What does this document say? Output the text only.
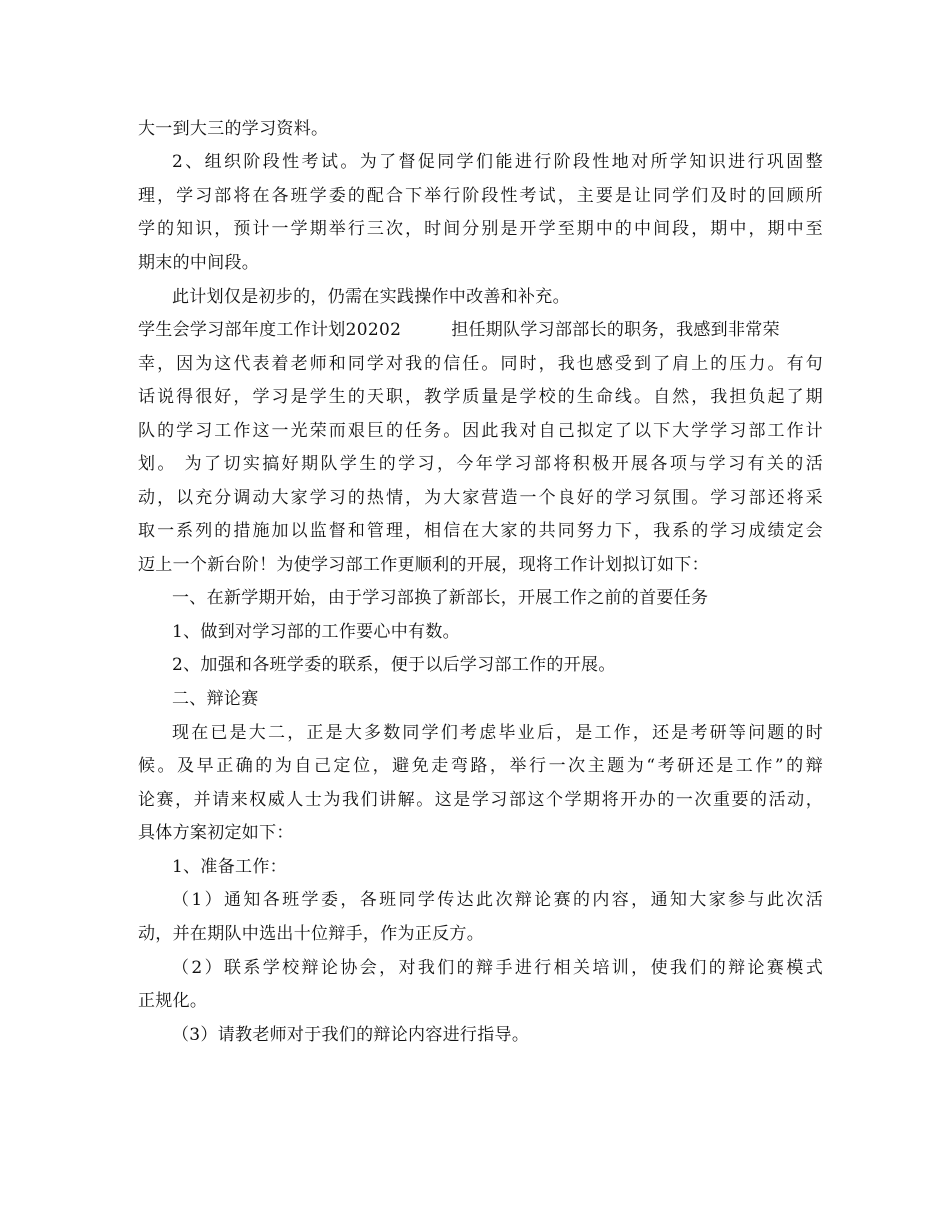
大一到大三的学习资料。

2、组织阶段性考试。为了督促同学们能进行阶段性地对所学知识进行巩固整

理，学习部将在各班学委的配合下举行阶段性考试，主要是让同学们及时的回顾所

学的知识，预计一学期举行三次，时间分别是开学至期中的中间段，期中，期中至

期末的中间段。

此计划仅是初步的，仍需在实践操作中改善和补充。

学生会学习部年度工作计划20202	担任期队学习部部长的职务，我感到非常荣

幸，因为这代表着老师和同学对我的信任。同时，我也感受到了肩上的压力。有句

话说得很好，学习是学生的天职，教学质量是学校的生命线。自然，我担负起了期

队的学习工作这一光荣而艰巨的任务。因此我对自己拟定了以下大学学习部工作计

划。 为了切实搞好期队学生的学习，今年学习部将积极开展各项与学习有关的活

动，以充分调动大家学习的热情，为大家营造一个良好的学习氛围。学习部还将采

取一系列的措施加以监督和管理，相信在大家的共同努力下，我系的学习成绩定会

迈上一个新台阶！为使学习部工作更顺利的开展，现将工作计划拟订如下：

一、在新学期开始，由于学习部换了新部长，开展工作之前的首要任务

1、做到对学习部的工作要心中有数。

2、加强和各班学委的联系，便于以后学习部工作的开展。

二、辩论赛

现在已是大二，正是大多数同学们考虑毕业后，是工作，还是考研等问题的时

候。及早正确的为自己定位，避免走弯路，举行一次主题为“考研还是工作”的辩

论赛，并请来权威人士为我们讲解。这是学习部这个学期将开办的一次重要的活动，

具体方案初定如下：

1、准备工作：

（1）通知各班学委，各班同学传达此次辩论赛的内容，通知大家参与此次活

动，并在期队中选出十位辩手，作为正反方。

（2）联系学校辩论协会，对我们的辩手进行相关培训，使我们的辩论赛模式

正规化。

（3）请教老师对于我们的辩论内容进行指导。
